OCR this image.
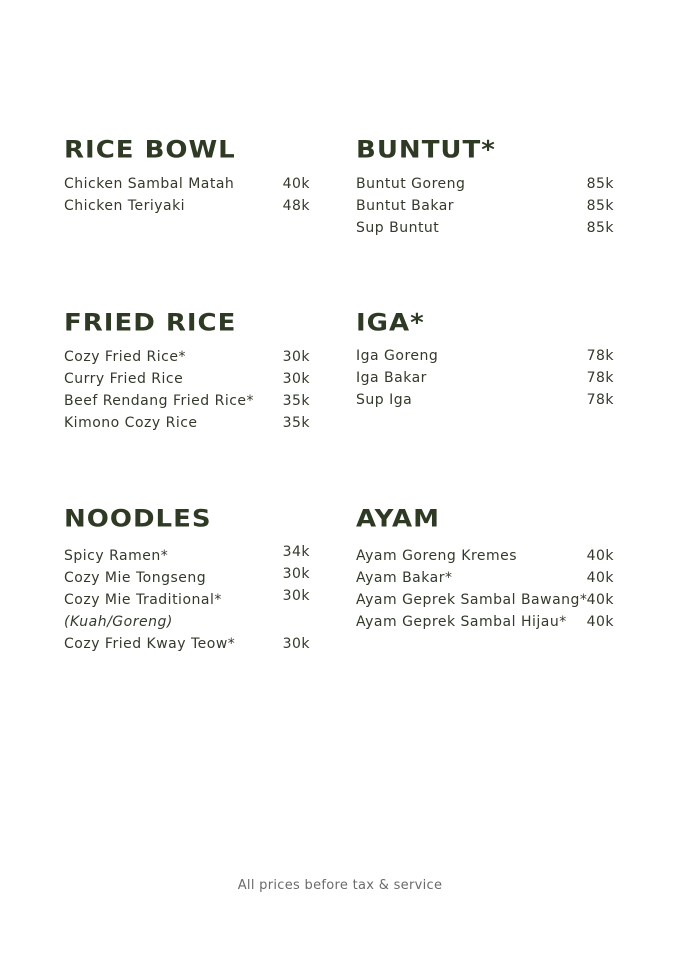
RICE BOWL
Chicken Sambal Matah	40k
Chicken Teriyaki	48k
BUNTUT*
Buntut Goreng	85k
Buntut Bakar	85k
Sup Buntut	85k
FRIED RICE
Cozy Fried Rice*	30k
Curry Fried Rice	30k
Beef Rendang Fried Rice* 35k
Kimono Cozy Rice	35k
IGA*
Iga Goreng	78k
Iga Bakar	78k
Sup Iga	78k
NOODLES
Spicy Ramen*	34k
Cozy Mie Tongseng	30k
Cozy Mie Traditional*	30k
(Kuah/Goreng)
Cozy Fried Kway Teow*	30k
AYAM
Ayam Goreng Kremes	40k
Ayam Bakar*	40k
Ayam Geprek Sambal Bawang* 40k
Ayam Geprek Sambal Hijau* 40k
All prices before tax & service
